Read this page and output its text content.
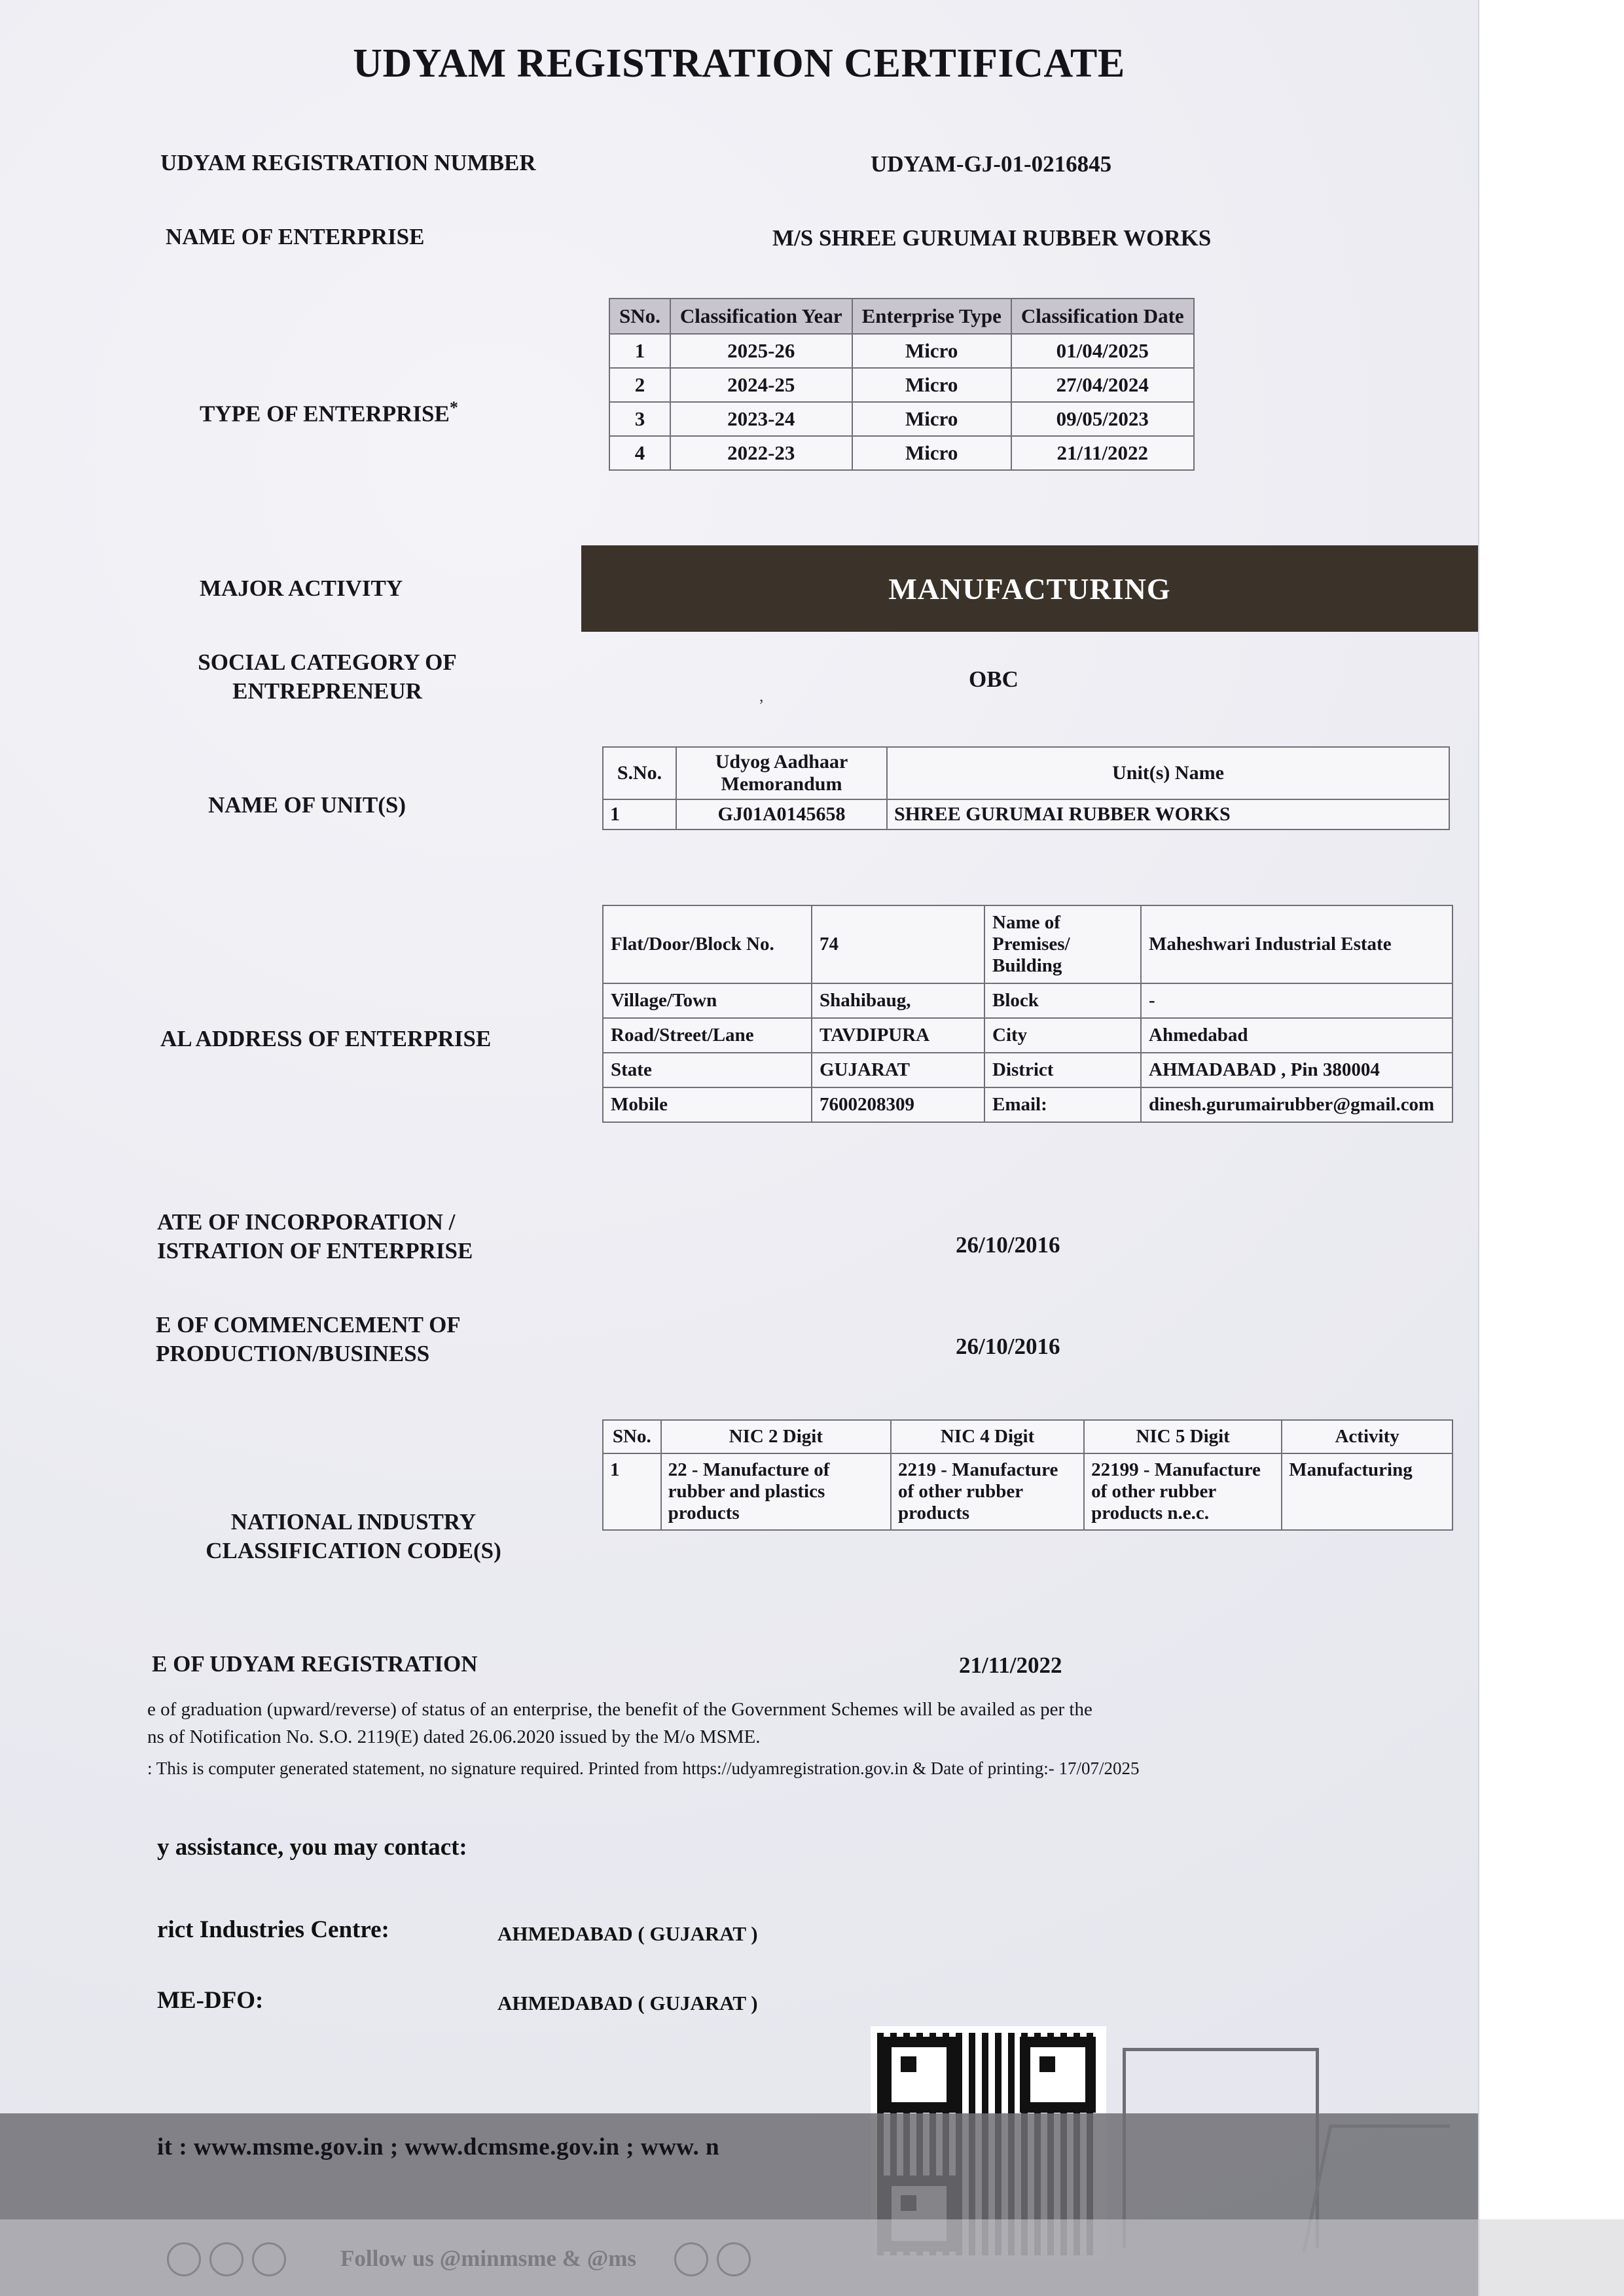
UDYAM REGISTRATION CERTIFICATE
UDYAM REGISTRATION NUMBER	UDYAM-GJ-01-0216845
NAME OF ENTERPRISE	M/S SHREE GURUMAI RUBBER WORKS
TYPE OF ENTERPRISE*
SNo.	Classification Year	Enterprise Type	Classification Date
1	2025-26	Micro	01/04/2025
2	2024-25	Micro	27/04/2024
3	2023-24	Micro	09/05/2023
4	2022-23	Micro	21/11/2022
MAJOR ACTIVITY	MANUFACTURING
SOCIAL CATEGORY OF ENTREPRENEUR	OBC
,
NAME OF UNIT(S)
S.No.	Udyog Aadhaar Memorandum	Unit(s) Name
1	GJ01A0145658	SHREE GURUMAI RUBBER WORKS
AL ADDRESS OF ENTERPRISE
Flat/Door/Block No.	74	Name of Premises/ Building	Maheshwari Industrial Estate
Village/Town	Shahibaug,	Block	-
Road/Street/Lane	TAVDIPURA	City	Ahmedabad
State	GUJARAT	District	AHMADABAD , Pin 380004
Mobile	7600208309	Email:	dinesh.gurumairubber@gmail.com
ATE OF INCORPORATION / ISTRATION OF ENTERPRISE	26/10/2016
E OF COMMENCEMENT OF PRODUCTION/BUSINESS	26/10/2016
NATIONAL INDUSTRY CLASSIFICATION CODE(S)
SNo.	NIC 2 Digit	NIC 4 Digit	NIC 5 Digit	Activity
1	22 - Manufacture of rubber and plastics products	2219 - Manufacture of other rubber products	22199 - Manufacture of other rubber products n.e.c.	Manufacturing
E OF UDYAM REGISTRATION	21/11/2022
e of graduation (upward/reverse) of status of an enterprise, the benefit of the Government Schemes will be availed as per the
ns of Notification No. S.O. 2119(E) dated 26.06.2020 issued by the M/o MSME.
: This is computer generated statement, no signature required. Printed from https://udyamregistration.gov.in & Date of printing:- 17/07/2025
y assistance, you may contact:
rict Industries Centre:	AHMEDABAD ( GUJARAT )
ME-DFO:	AHMEDABAD ( GUJARAT )
it : www.msme.gov.in ; www.dcmsme.gov.in ; www. n
